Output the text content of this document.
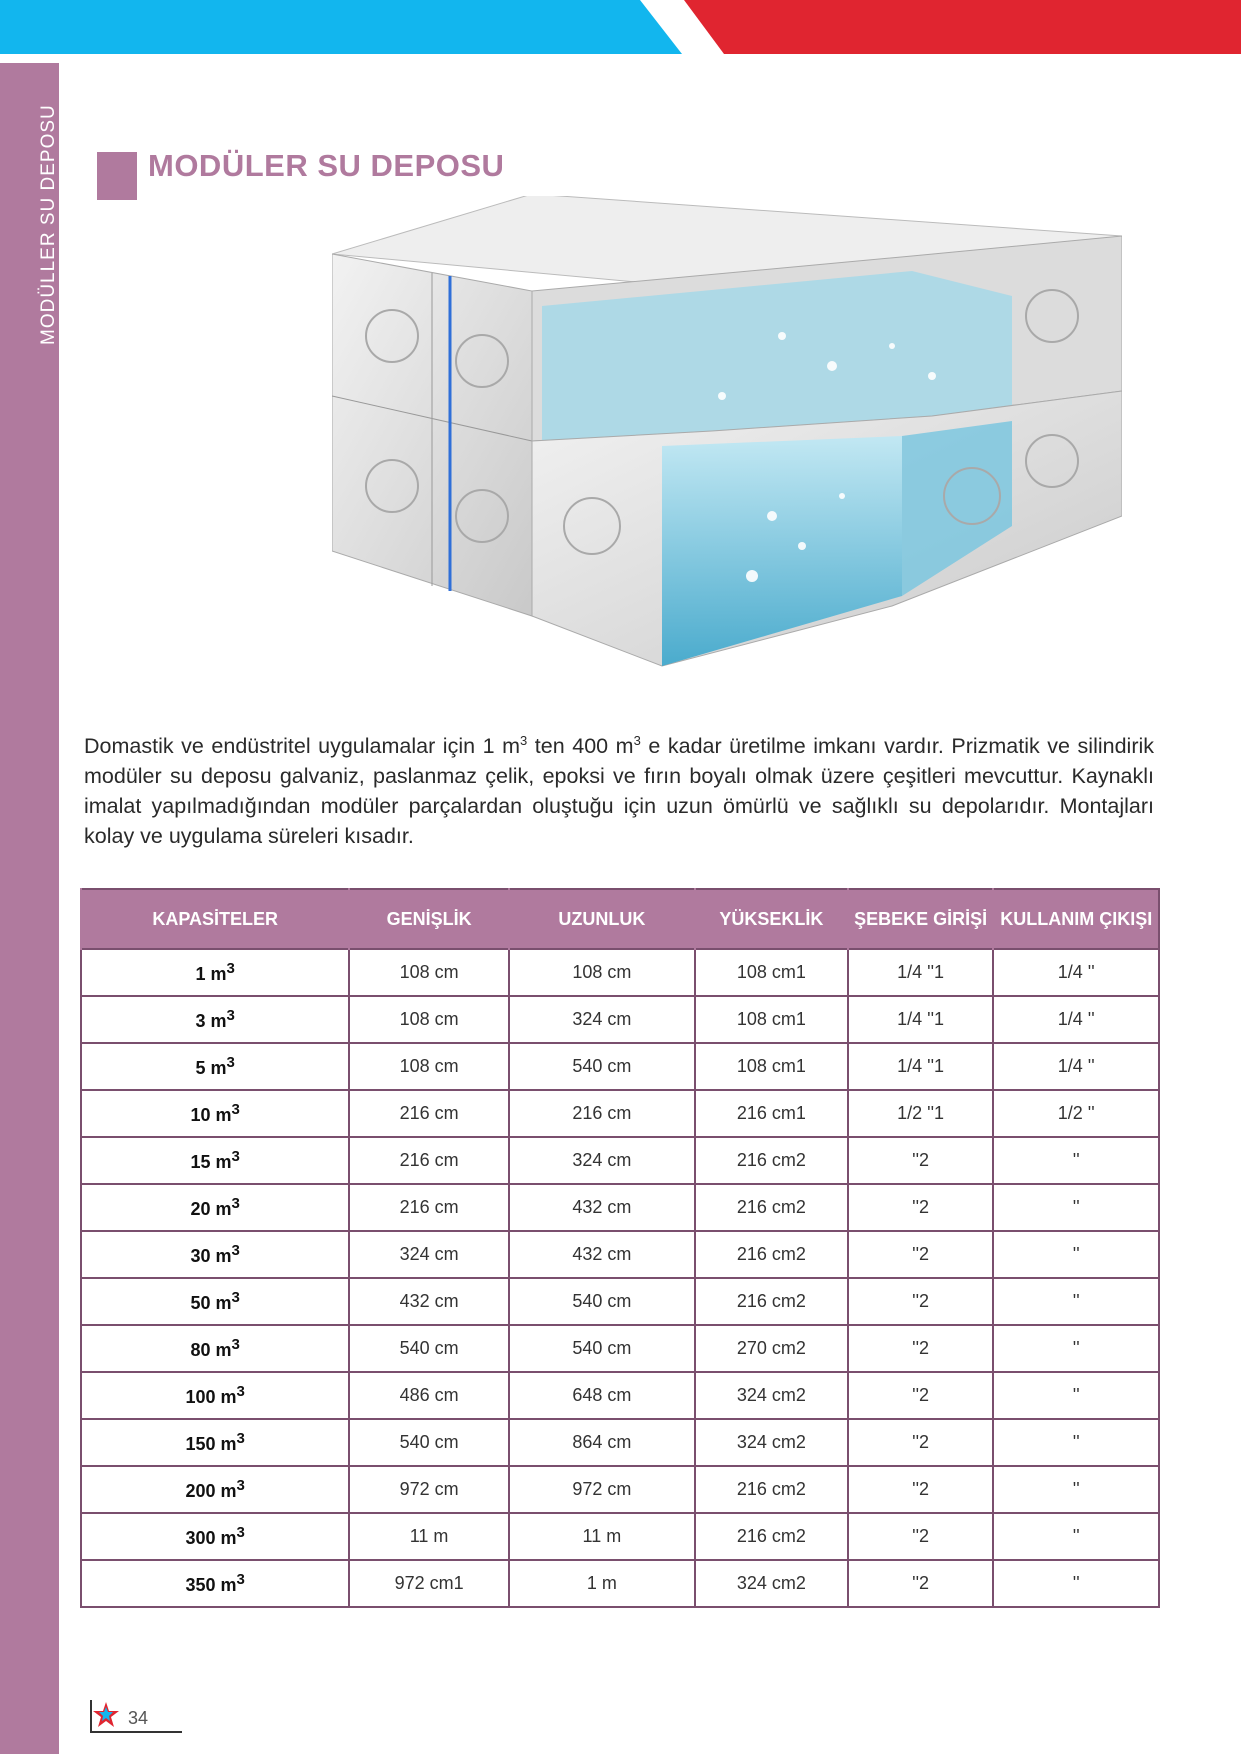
MODÜLLER SU DEPOSU	MODÜLER SU DEPOSU

Domastik ve endüstritel uygulamalar için 1 $m^3$ ten 400 $m^3$ e kadar üretilme imkanı vardır. Prizmatik ve silindirik modüler su deposu galvaniz, paslanmaz çelik, epoksi ve fırın boyalı olmak üzere çeşitleri mevcuttur. Kaynaklı imalat yapılmadığından modüler parçalardan oluştuğu için uzun ömürlü ve sağlıklı su depolarıdır. Montajları kolay ve uygulama süreleri kısadır.

KAPASİTELER	GENİŞLİK	UZUNLUK	YÜKSEKLİK	ŞEBEKE GİRİŞİ	KULLANIM ÇIKIŞI
1 $m^3$	108 cm	108 cm	108 cm1	1/4 ''1	1/4 ''
3 $m^3$	108 cm	324 cm	108 cm1	1/4 ''1	1/4 ''
5 $m^3$	108 cm	540 cm	108 cm1	1/4 ''1	1/4 ''
10 $m^3$	216 cm	216 cm	216 cm1	1/2 ''1	1/2 ''
15 $m^3$	216 cm	324 cm	216 cm2	''2	''
20 $m^3$	216 cm	432 cm	216 cm2	''2	''
30 $m^3$	324 cm	432 cm	216 cm2	''2	''
50 $m^3$	432 cm	540 cm	216 cm2	''2	''
80 $m^3$	540 cm	540 cm	270 cm2	''2	''
100 $m^3$	486 cm	648 cm	324 cm2	''2	''
150 $m^3$	540 cm	864 cm	324 cm2	''2	''
200 $m^3$	972 cm	972 cm	216 cm2	''2	''
300 $m^3$	11 m	11 m	216 cm2	''2	''
350 $m^3$	972 cm1	1 m	324 cm2	''2	''
34
